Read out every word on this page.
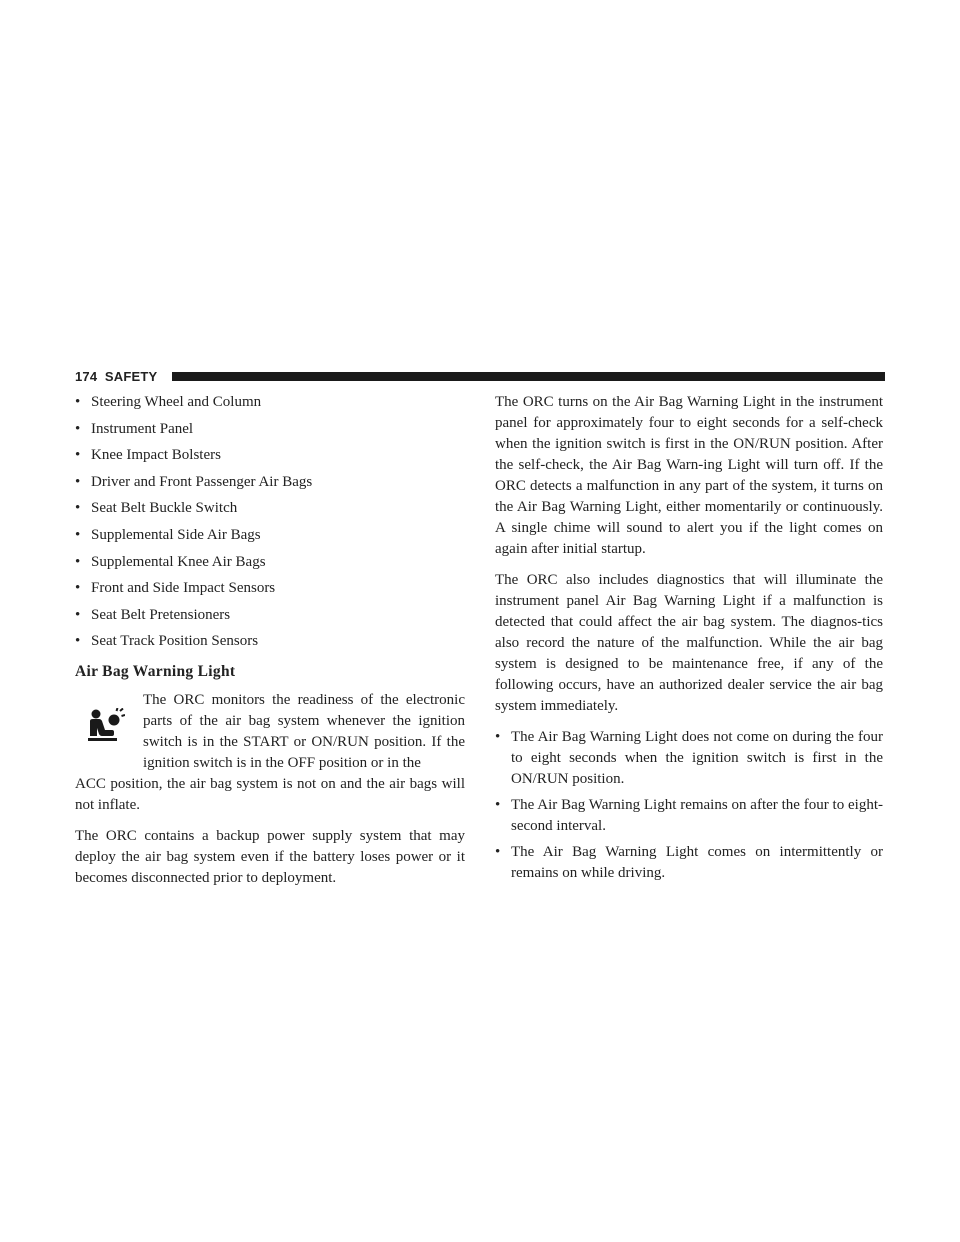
174 SAFETY
• Steering Wheel and Column
• Instrument Panel
• Knee Impact Bolsters
• Driver and Front Passenger Air Bags
• Seat Belt Buckle Switch
• Supplemental Side Air Bags
• Supplemental Knee Air Bags
• Front and Side Impact Sensors
• Seat Belt Pretensioners
• Seat Track Position Sensors
Air Bag Warning Light

The ORC monitors the readiness of the electronic parts of the air bag system whenever the ignition switch is in the START or ON/RUN position. If the ignition switch is in the OFF position or in the

ACC position, the air bag system is not on and the air bags will not inflate.

The ORC contains a backup power supply system that may deploy the air bag system even if the battery loses power or it becomes disconnected prior to deployment.

The ORC turns on the Air Bag Warning Light in the instrument panel for approximately four to eight seconds for a self-check when the ignition switch is first in the ON/RUN position. After the self-check, the Air Bag Warn-ing Light will turn off. If the ORC detects a malfunction in any part of the system, it turns on the Air Bag Warning Light, either momentarily or continuously. A single chime will sound to alert you if the light comes on again after initial startup.

The ORC also includes diagnostics that will illuminate the instrument panel Air Bag Warning Light if a malfunction is detected that could affect the air bag system. The diagnos-tics also record the nature of the malfunction. While the air bag system is designed to be maintenance free, if any of the following occurs, have an authorized dealer service the air bag system immediately.

• The Air Bag Warning Light does not come on during the four to eight seconds when the ignition switch is first in the ON/RUN position.
• The Air Bag Warning Light remains on after the four to eight-second interval.
• The Air Bag Warning Light comes on intermittently or remains on while driving.
